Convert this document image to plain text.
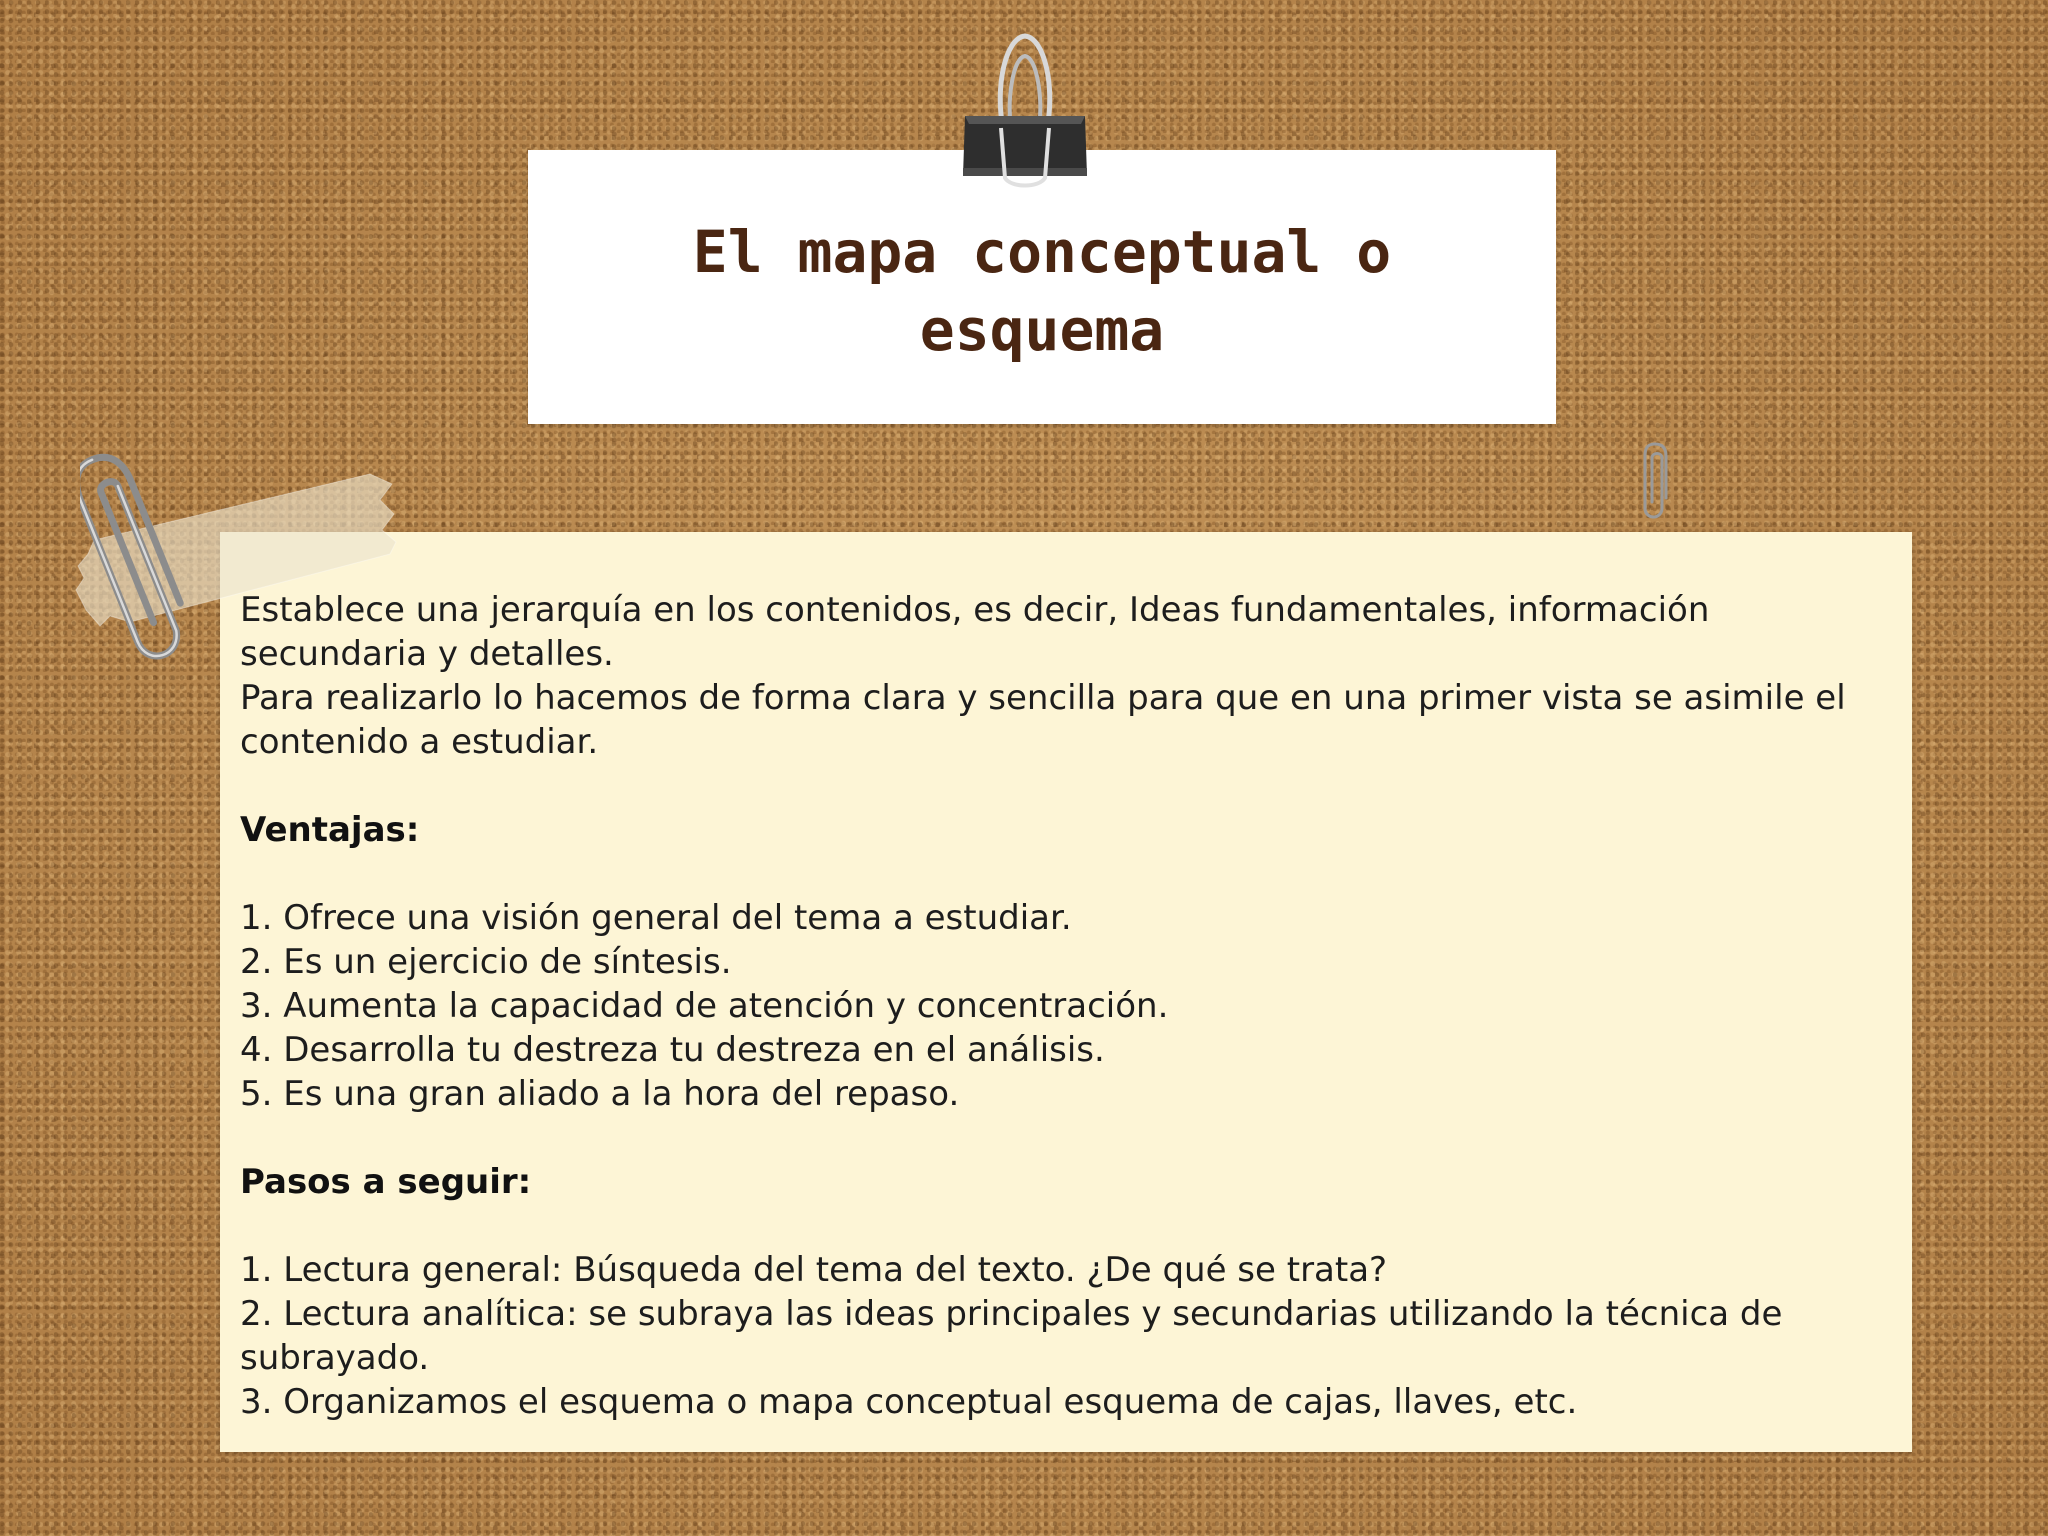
El mapa conceptual o
esquema

Establece una jerarquía en los contenidos, es decir, Ideas fundamentales, información secundaria y detalles.

Para realizarlo lo hacemos de forma clara y sencilla para que en una primer vista se asimile el contenido a estudiar.

Ventajas:

1. Ofrece una visión general del tema a estudiar.

2. Es un ejercicio de síntesis.

3. Aumenta la capacidad de atención y concentración.

4. Desarrolla tu destreza tu destreza en el análisis.

5. Es una gran aliado a la hora del repaso.

Pasos a seguir:

1. Lectura general: Búsqueda del tema del texto. ¿De qué se trata?

2. Lectura analítica: se subraya las ideas principales y secundarias utilizando la técnica de subrayado.

3. Organizamos el esquema o mapa conceptual esquema de cajas, llaves, etc.
